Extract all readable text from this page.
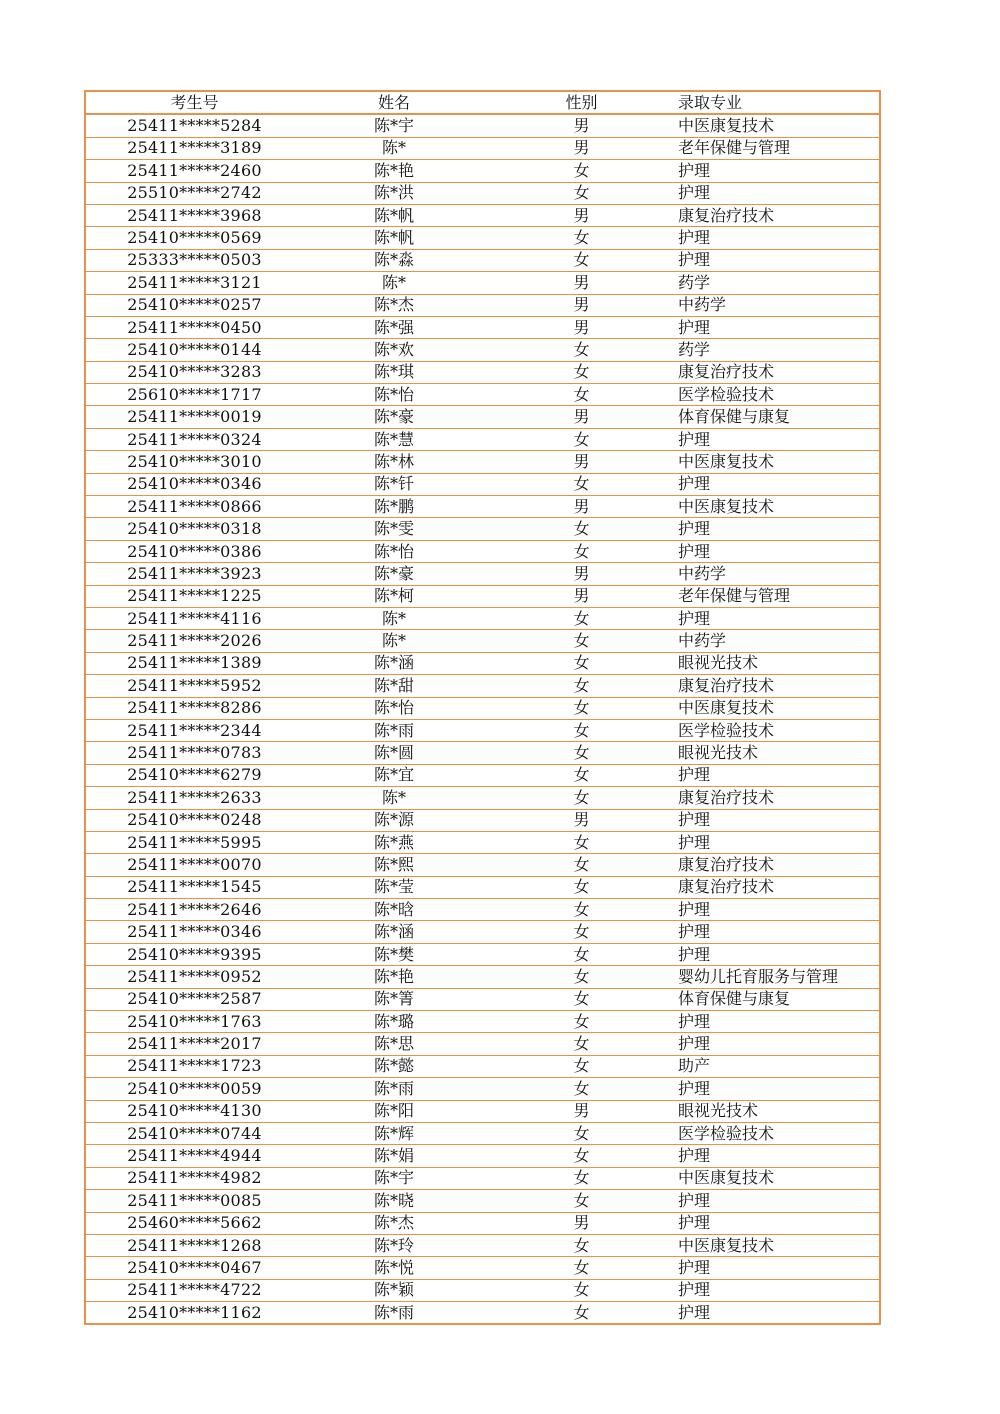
考生号	姓名	性别	录取专业
25411*****5284	陈*宇	男	中医康复技术
25411*****3189	陈*	男	老年保健与管理
25411*****2460	陈*艳	女	护理
25510*****2742	陈*洪	女	护理
25411*****3968	陈*帆	男	康复治疗技术
25410*****0569	陈*帆	女	护理
25333*****0503	陈*淼	女	护理
25411*****3121	陈*	男	药学
25410*****0257	陈*杰	男	中药学
25411*****0450	陈*强	男	护理
25410*****0144	陈*欢	女	药学
25410*****3283	陈*琪	女	康复治疗技术
25610*****1717	陈*怡	女	医学检验技术
25411*****0019	陈*豪	男	体育保健与康复
25411*****0324	陈*慧	女	护理
25410*****3010	陈*林	男	中医康复技术
25410*****0346	陈*钎	女	护理
25411*****0866	陈*鹏	男	中医康复技术
25410*****0318	陈*雯	女	护理
25410*****0386	陈*怡	女	护理
25411*****3923	陈*豪	男	中药学
25411*****1225	陈*柯	男	老年保健与管理
25411*****4116	陈*	女	护理
25411*****2026	陈*	女	中药学
25411*****1389	陈*涵	女	眼视光技术
25411*****5952	陈*甜	女	康复治疗技术
25411*****8286	陈*怡	女	中医康复技术
25411*****2344	陈*雨	女	医学检验技术
25411*****0783	陈*圆	女	眼视光技术
25410*****6279	陈*宜	女	护理
25411*****2633	陈*	女	康复治疗技术
25410*****0248	陈*源	男	护理
25411*****5995	陈*燕	女	护理
25411*****0070	陈*熙	女	康复治疗技术
25411*****1545	陈*莹	女	康复治疗技术
25411*****2646	陈*晗	女	护理
25411*****0346	陈*涵	女	护理
25410*****9395	陈*樊	女	护理
25411*****0952	陈*艳	女	婴幼儿托育服务与管理
25410*****2587	陈*箐	女	体育保健与康复
25410*****1763	陈*璐	女	护理
25411*****2017	陈*思	女	护理
25411*****1723	陈*懿	女	助产
25410*****0059	陈*雨	女	护理
25410*****4130	陈*阳	男	眼视光技术
25410*****0744	陈*辉	女	医学检验技术
25411*****4944	陈*娟	女	护理
25411*****4982	陈*宇	女	中医康复技术
25411*****0085	陈*晓	女	护理
25460*****5662	陈*杰	男	护理
25411*****1268	陈*玲	女	中医康复技术
25410*****0467	陈*悦	女	护理
25411*****4722	陈*颖	女	护理
25410*****1162	陈*雨	女	护理
